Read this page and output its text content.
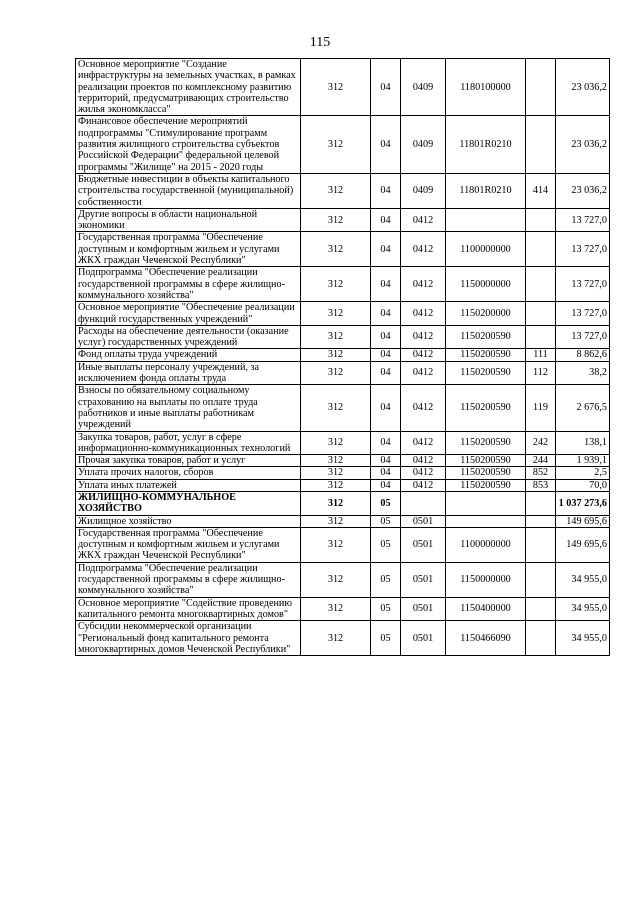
115
Основное мероприятие "Создание инфраструктуры на земельных участках, в рамках реализации проектов по комплексному развитию территорий, предусматривающих строительство жилья экономкласса"	312	04	0409	1180100000		23 036,2
Финансовое обеспечение мероприятий подпрограммы "Стимулирование программ развития жилищного строительства субъектов Российской Федерации" федеральной целевой программы "Жилище" на 2015 - 2020 годы	312	04	0409	11801R0210		23 036,2
Бюджетные инвестиции в объекты капитального строительства государственной (муниципальной) собственности	312	04	0409	11801R0210	414	23 036,2
Другие вопросы в области национальной экономики	312	04	0412			13 727,0
Государственная программа "Обеспечение доступным и комфортным жильем и услугами ЖКХ граждан Чеченской Республики"	312	04	0412	1100000000		13 727,0
Подпрограмма "Обеспечение реализации государственной программы в сфере жилищно-коммунального хозяйства"	312	04	0412	1150000000		13 727,0
Основное мероприятие "Обеспечение реализации функций государственных учреждений"	312	04	0412	1150200000		13 727,0
Расходы на обеспечение деятельности (оказание услуг) государственных учреждений	312	04	0412	1150200590		13 727,0
Фонд оплаты труда учреждений	312	04	0412	1150200590	111	8 862,6
Иные выплаты персоналу учреждений, за исключением фонда оплаты труда	312	04	0412	1150200590	112	38,2
Взносы по обязательному социальному страхованию на выплаты по оплате труда работников и иные выплаты работникам учреждений	312	04	0412	1150200590	119	2 676,5
Закупка товаров, работ, услуг в сфере информационно-коммуникационных технологий	312	04	0412	1150200590	242	138,1
Прочая закупка товаров, работ и услуг	312	04	0412	1150200590	244	1 939,1
Уплата прочих налогов, сборов	312	04	0412	1150200590	852	2,5
Уплата иных платежей	312	04	0412	1150200590	853	70,0
ЖИЛИЩНО-КОММУНАЛЬНОЕ ХОЗЯЙСТВО	312	05				1 037 273,6
Жилищное хозяйство	312	05	0501			149 695,6
Государственная программа "Обеспечение доступным и комфортным жильем и услугами ЖКХ граждан Чеченской Республики"	312	05	0501	1100000000		149 695,6
Подпрограмма "Обеспечение реализации государственной программы в сфере жилищно-коммунального хозяйства"	312	05	0501	1150000000		34 955,0
Основное мероприятие "Содействие проведению капитального ремонта многоквартирных домов"	312	05	0501	1150400000		34 955,0
Субсидии некоммерческой организации "Региональный фонд капитального ремонта многоквартирных домов Чеченской Республики"	312	05	0501	1150466090		34 955,0
